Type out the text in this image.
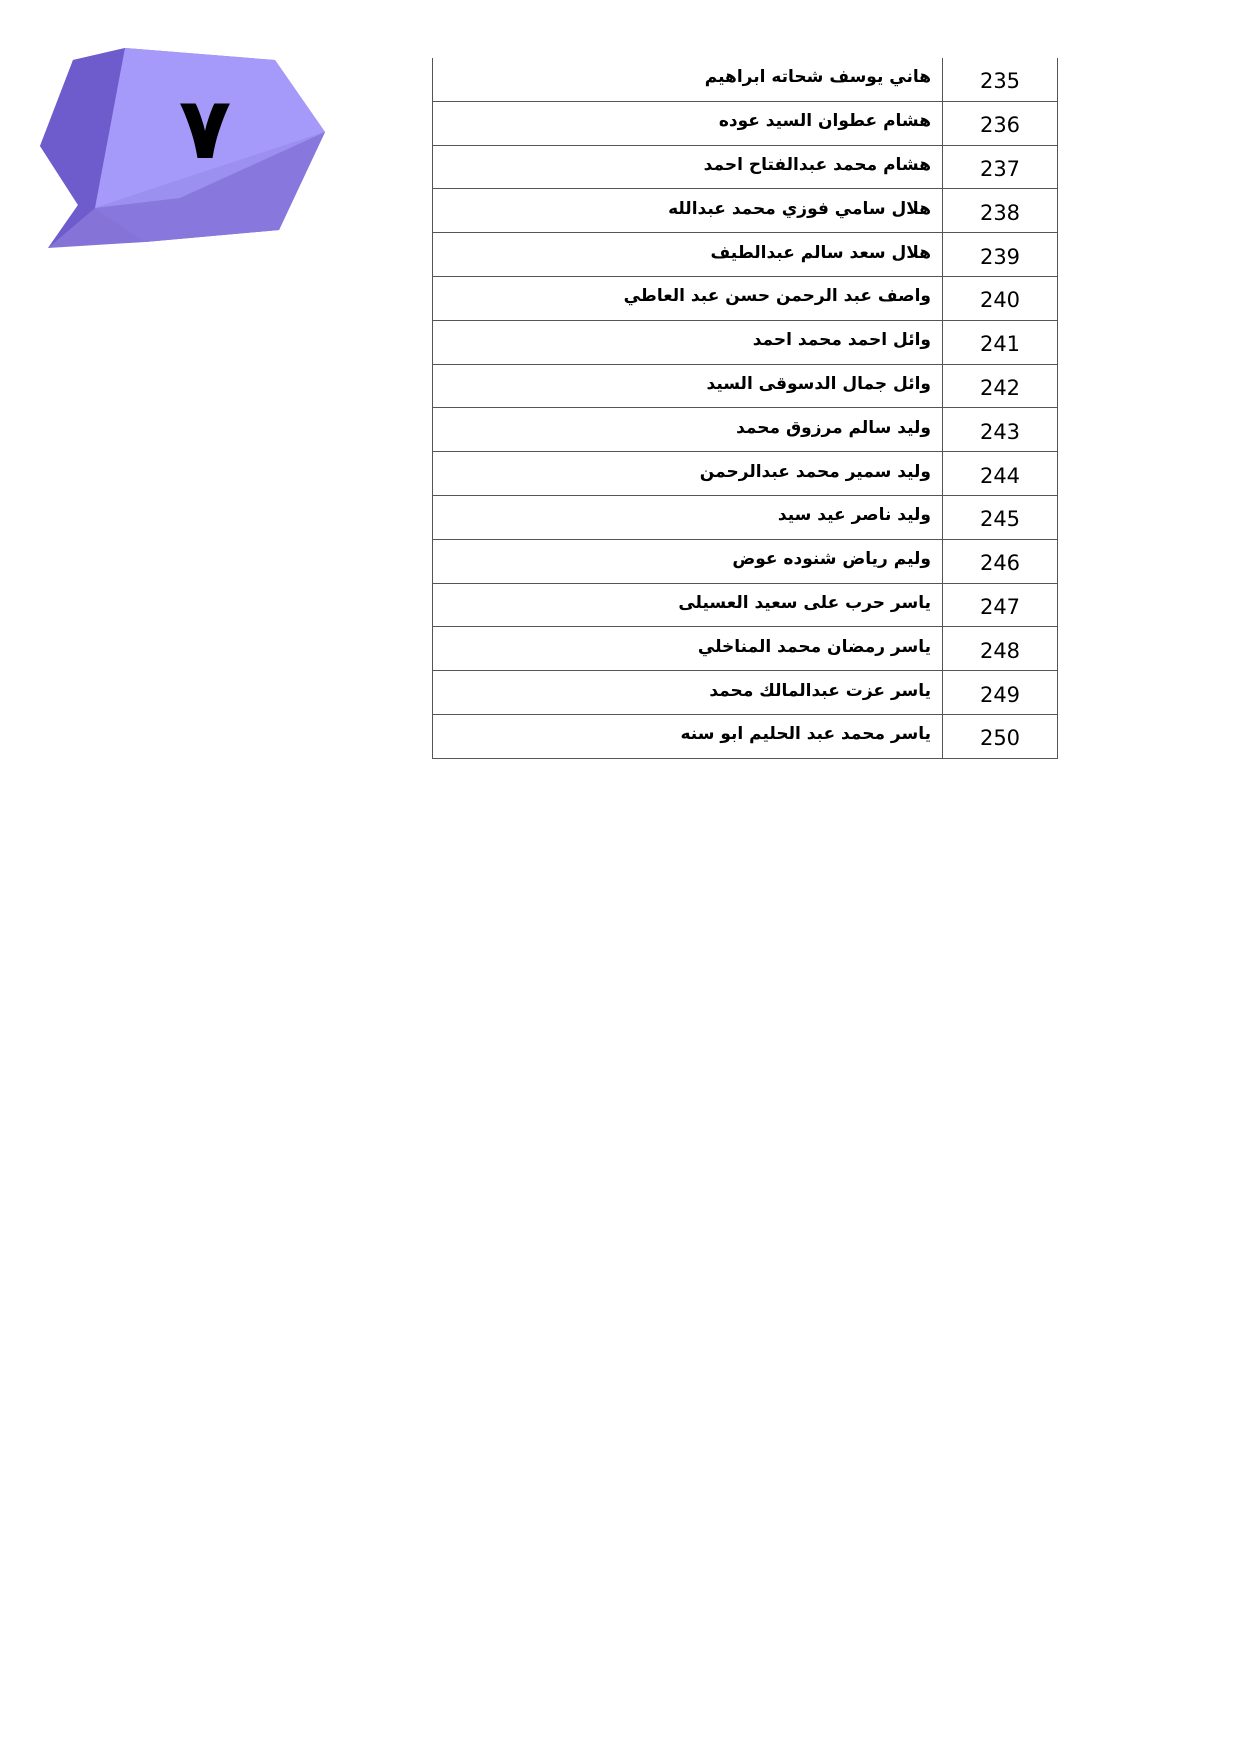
٧	235	هاني يوسف شحاته ابراهيم
236	هشام عطوان السيد عوده
237	هشام محمد عبدالفتاح احمد
238	هلال سامي فوزي محمد عبدالله
239	هلال سعد سالم عبدالطيف
240	واصف عبد الرحمن حسن عبد العاطي
241	وائل احمد محمد احمد
242	وائل جمال الدسوقى السيد
243	وليد سالم مرزوق محمد
244	وليد سمير محمد عبدالرحمن
245	وليد ناصر عيد سيد
246	وليم رياض شنوده عوض
247	ياسر حرب على سعيد العسيلى
248	ياسر رمضان محمد المناخلي
249	ياسر عزت عبدالمالك محمد
250	ياسر محمد عبد الحليم ابو سنه
